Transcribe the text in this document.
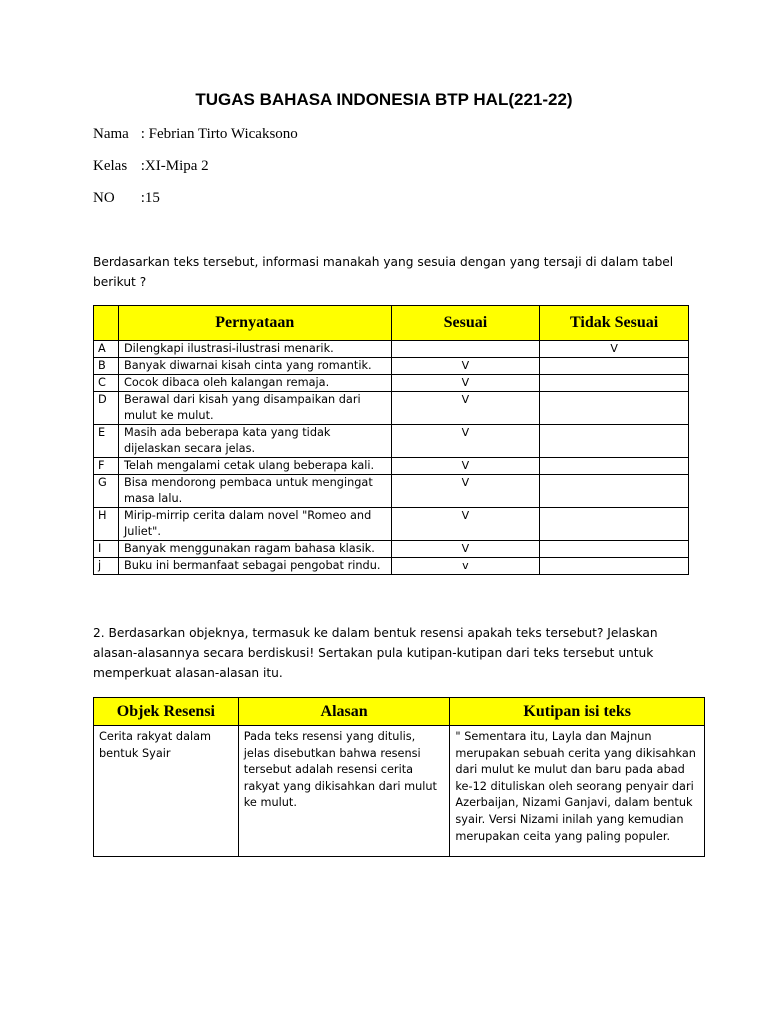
TUGAS BAHASA INDONESIA BTP HAL(221-22)
Nama : Febrian Tirto Wicaksono
Kelas :XI-Mipa 2
NO :15
Berdasarkan teks tersebut, informasi manakah yang sesuia dengan yang tersaji di dalam tabel berikut ?
	Pernyataan	Sesuai	Tidak Sesuai
A	Dilengkapi ilustrasi-ilustrasi menarik.		V
B	Banyak diwarnai kisah cinta yang romantik.	V	
C	Cocok dibaca oleh kalangan remaja.	V	
D	Berawal dari kisah yang disampaikan dari mulut ke mulut.	V	
E	Masih ada beberapa kata yang tidak dijelaskan secara jelas.	V	
F	Telah mengalami cetak ulang beberapa kali.	V	
G	Bisa mendorong pembaca untuk mengingat masa lalu.	V	
H	Mirip-mirrip cerita dalam novel "Romeo and Juliet".	V	
I	Banyak menggunakan ragam bahasa klasik.	V	
j	Buku ini bermanfaat sebagai pengobat rindu.	v	
2. Berdasarkan objeknya, termasuk ke dalam bentuk resensi apakah teks tersebut? Jelaskan alasan-alasannya secara berdiskusi! Sertakan pula kutipan-kutipan dari teks tersebut untuk memperkuat alasan-alasan itu.
Objek Resensi	Alasan	Kutipan isi teks
Cerita rakyat dalam bentuk Syair	Pada teks resensi yang ditulis, jelas disebutkan bahwa resensi tersebut adalah resensi cerita rakyat yang dikisahkan dari mulut ke mulut.	" Sementara itu, Layla dan Majnun merupakan sebuah cerita yang dikisahkan dari mulut ke mulut dan baru pada abad ke-12 dituliskan oleh seorang penyair dari Azerbaijan, Nizami Ganjavi, dalam bentuk syair. Versi Nizami inilah yang kemudian merupakan ceita yang paling populer.
